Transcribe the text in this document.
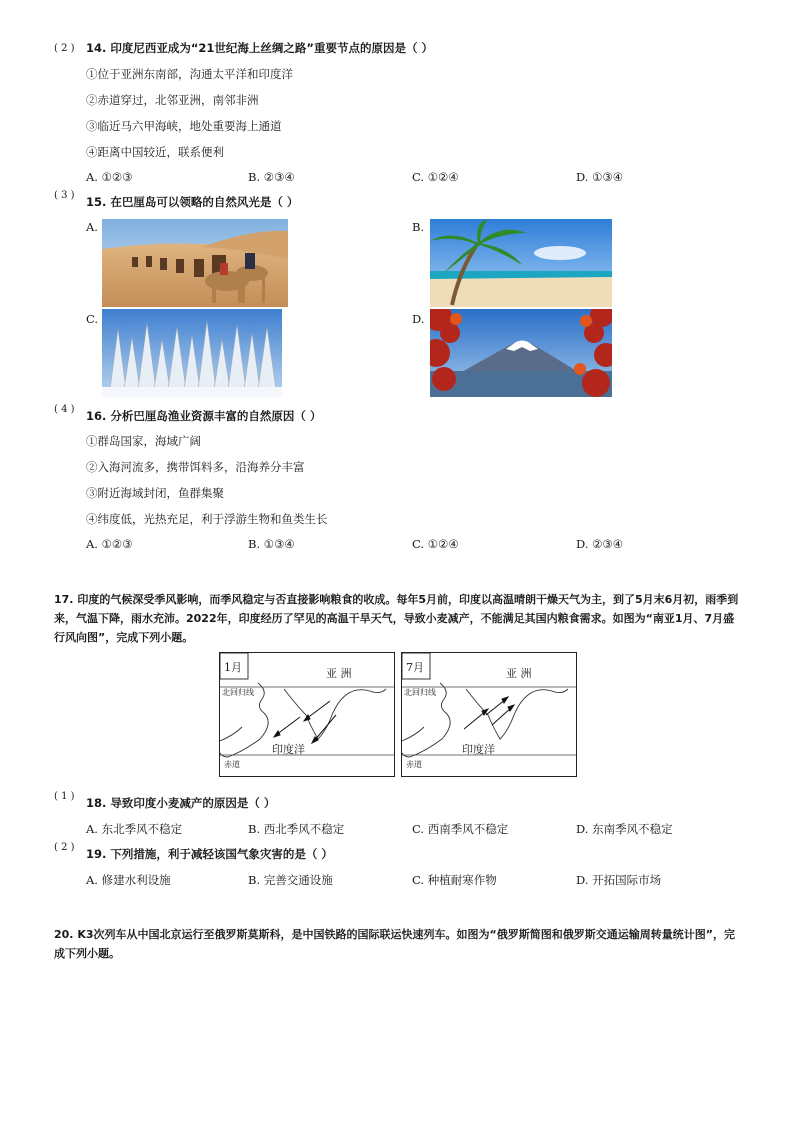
( 2 ) 14. 印度尼西亚成为“21世纪海上丝绸之路”重要节点的原因是（ ）
①位于亚洲东南部，沟通太平洋和印度洋
②赤道穿过，北邻亚洲，南邻非洲
③临近马六甲海峡，地处重要海上通道
④距离中国较近，联系便利
A. ①②③	B. ②③④	C. ①②④	D. ①③④
( 3 ) 15. 在巴厘岛可以领略的自然风光是（ ）
A.	B.
C.	D.
( 4 ) 16. 分析巴厘岛渔业资源丰富的自然原因（ ）
①群岛国家，海域广阔
②入海河流多，携带饵料多，沿海养分丰富
③附近海域封闭，鱼群集聚
④纬度低，光热充足，利于浮游生物和鱼类生长
A. ①②③	B. ①③④	C. ①②④	D. ②③④
17. 印度的气候深受季风影响，而季风稳定与否直接影响粮食的收成。每年5月前，印度以高温晴朗干燥天气为主，到了5月末6月初，雨季到来，气温下降，雨水充沛。2022年，印度经历了罕见的高温干旱天气，导致小麦减产，不能满足其国内粮食需求。如图为“南亚1月、7月盛行风向图”，完成下列小题。
1月	亚 洲
北回归线
印度洋
赤道
7月	亚 洲
北回归线
印度洋
赤道
( 1 ) 18. 导致印度小麦减产的原因是（ ）
A. 东北季风不稳定	B. 西北季风不稳定	C. 西南季风不稳定	D. 东南季风不稳定
( 2 ) 19. 下列措施，利于减轻该国气象灾害的是（ ）
A. 修建水利设施	B. 完善交通设施	C. 种植耐寒作物	D. 开拓国际市场
20. K3次列车从中国北京运行至俄罗斯莫斯科，是中国铁路的国际联运快速列车。如图为“俄罗斯简图和俄罗斯交通运输周转量统计图”，完成下列小题。
